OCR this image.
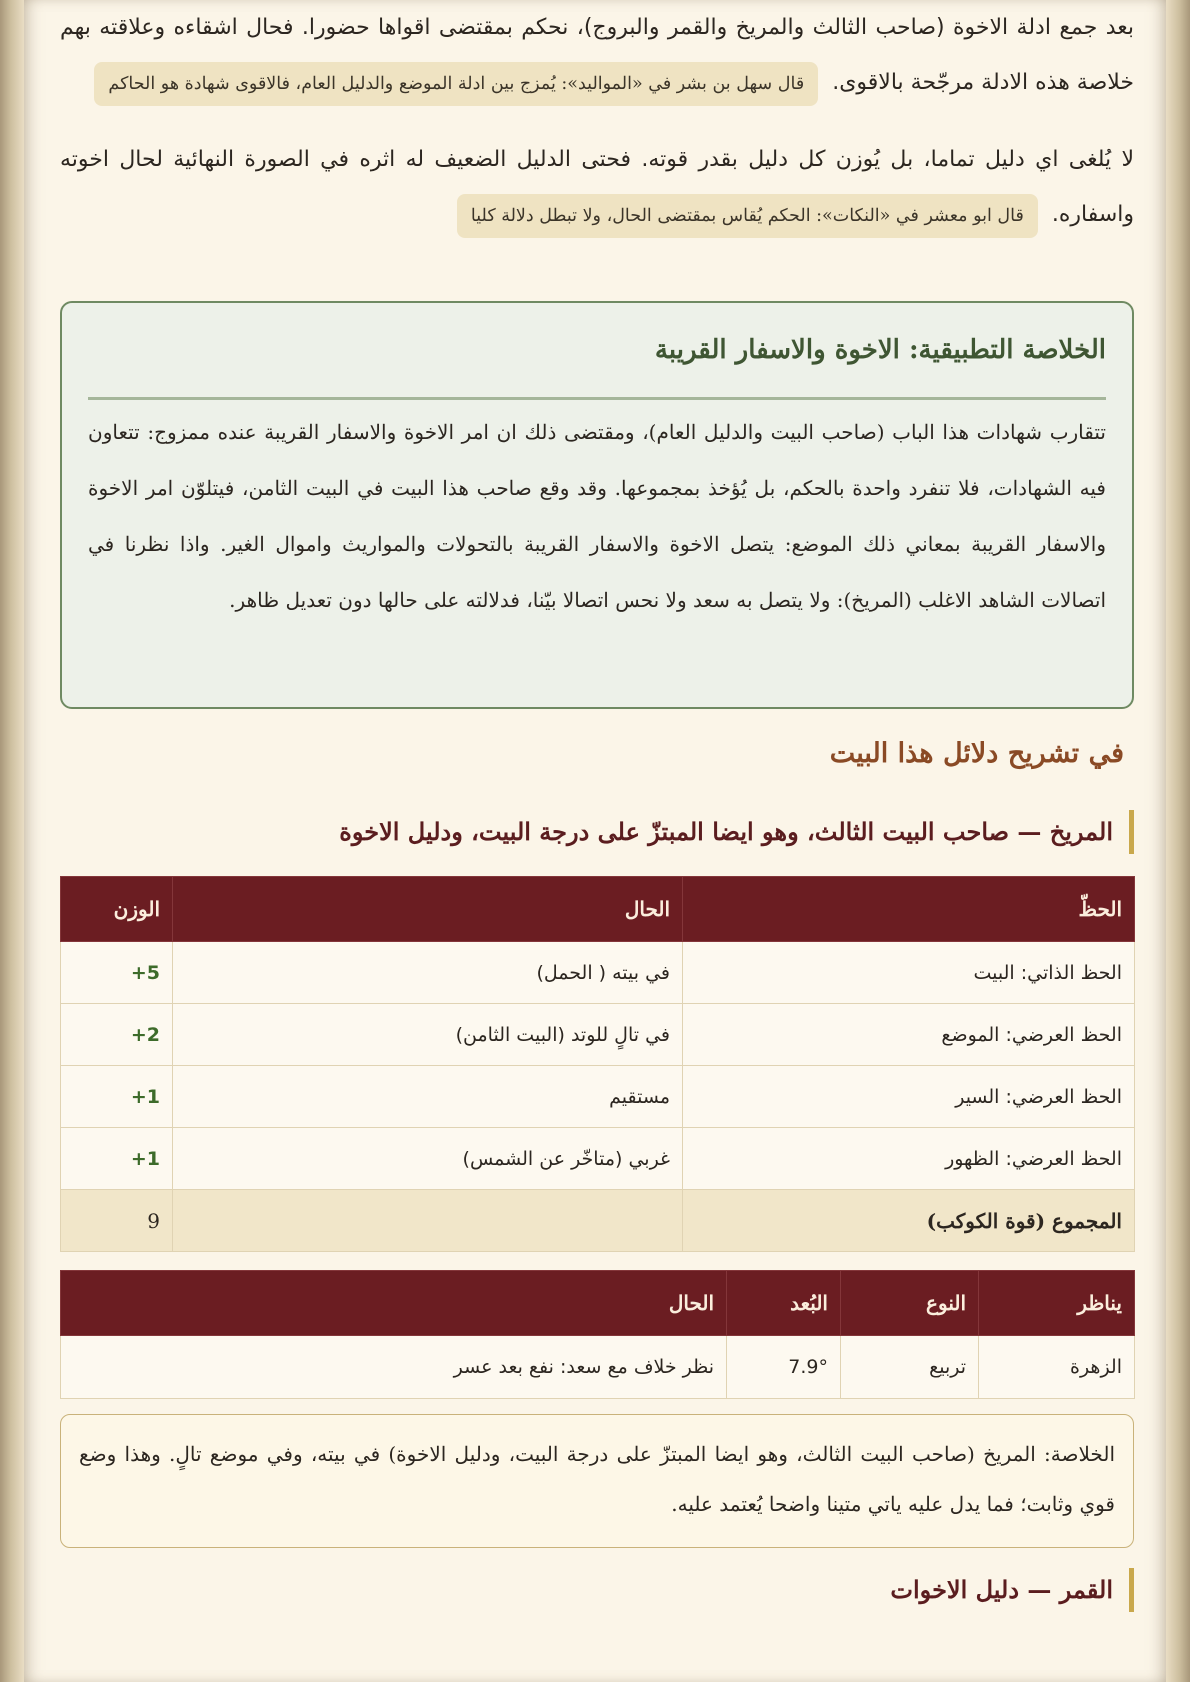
بعد جمع ادلة الاخوة (صاحب الثالث والمريخ والقمر والبروج)، نحكم بمقتضى اقواها حضورا. فحال اشقاءه وعلاقته بهم خلاصة هذه الادلة مرجّحة بالاقوى.  قال سهل بن بشر في «المواليد»: يُمزج بين ادلة الموضع والدليل العام، فالاقوى شهادة هو الحاكم

لا يُلغى اي دليل تماما، بل يُوزن كل دليل بقدر قوته. فحتى الدليل الضعيف له اثره في الصورة النهائية لحال اخوته واسفاره.  قال ابو معشر في «النكات»: الحكم يُقاس بمقتضى الحال، ولا تبطل دلالة كليا

الخلاصة التطبيقية: الاخوة والاسفار القريبة

تتقارب شهادات هذا الباب (صاحب البيت والدليل العام)، ومقتضى ذلك ان امر الاخوة والاسفار القريبة عنده ممزوج: تتعاون فيه الشهادات، فلا تنفرد واحدة بالحكم، بل يُؤخذ بمجموعها. وقد وقع صاحب هذا البيت في البيت الثامن، فيتلوّن امر الاخوة والاسفار القريبة بمعاني ذلك الموضع: يتصل الاخوة والاسفار القريبة بالتحولات والمواريث واموال الغير. واذا نظرنا في اتصالات الشاهد الاغلب (المريخ): ولا يتصل به سعد ولا نحس اتصالا بيّنا، فدلالته على حالها دون تعديل ظاهر.

في تشريح دلائل هذا البيت
المريخ — صاحب البيت الثالث، وهو ايضا المبتزّ على درجة البيت، ودليل الاخوة
الحظّ	الحال	الوزن
الحظ الذاتي: البيت	في بيته ( الحمل)	5+
الحظ العرضي: الموضع	في تالٍ للوتد (البيت الثامن)	2+
الحظ العرضي: السير	مستقيم	1+
الحظ العرضي: الظهور	غربي (متاخّر عن الشمس)	1+
المجموع (قوة الكوكب)		9
يناظر	النوع	البُعد	الحال
الزهرة	تربيع	7.9°	نظر خلاف مع سعد: نفع بعد عسر

الخلاصة: المريخ (صاحب البيت الثالث، وهو ايضا المبتزّ على درجة البيت، ودليل الاخوة) في بيته، وفي موضع تالٍ. وهذا وضع قوي وثابت؛ فما يدل عليه ياتي متينا واضحا يُعتمد عليه.

القمر — دليل الاخوات
